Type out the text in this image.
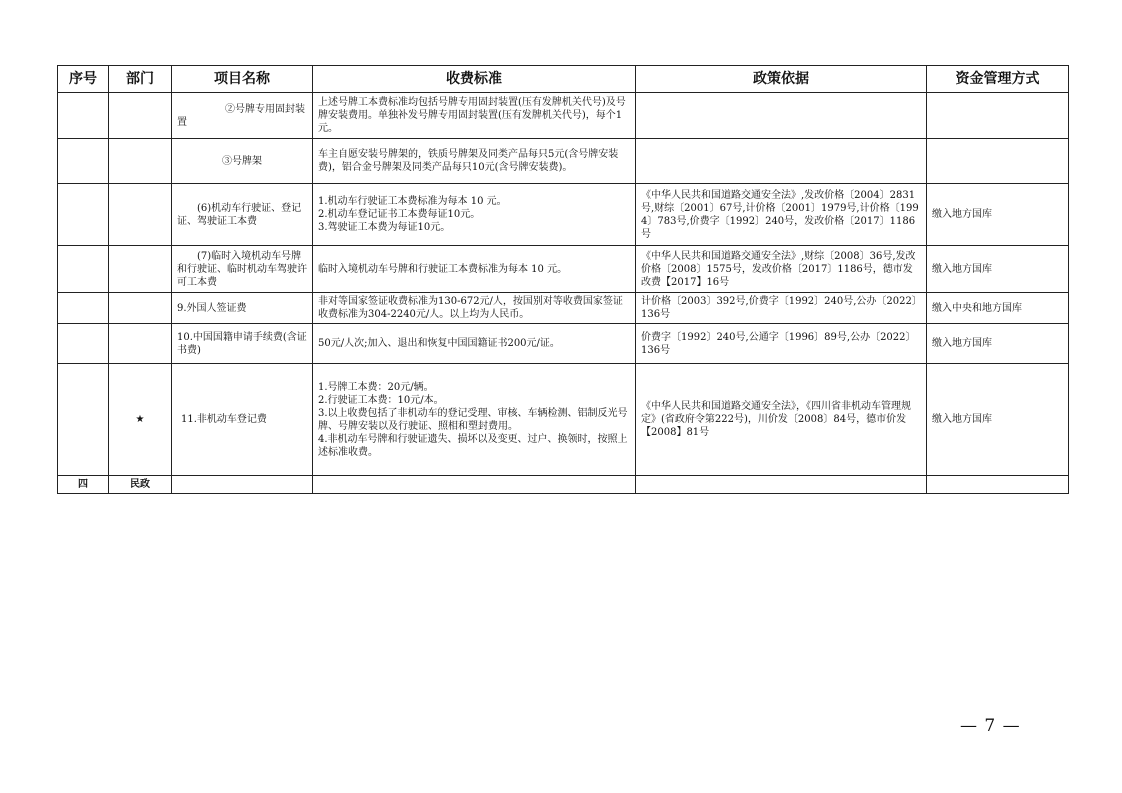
序号	部门	项目名称	收费标准	政策依据	资金管理方式
		②号牌专用固封装置	上述号牌工本费标准均包括号牌专用固封装置(压有发牌机关代号)及号牌安装费用。单独补发号牌专用固封装置(压有发牌机关代号)，每个1元。		
		③号牌架	车主自愿安装号牌架的，铁质号牌架及同类产品每只5元(含号牌安装费)，铝合金号牌架及同类产品每只10元(含号牌安装费)。		
		(6)机动车行驶证、登记证、驾驶证工本费	1.机动车行驶证工本费标准为每本 10 元。
2.机动车登记证书工本费每证10元。
3.驾驶证工本费为每证10元。	《中华人民共和国道路交通安全法》,发改价格〔2004〕2831号,财综〔2001〕67号,计价格〔2001〕1979号,计价格〔1994〕783号,价费字〔1992〕240号，发改价格〔2017〕1186号	缴入地方国库
		(7)临时入境机动车号牌和行驶证、临时机动车驾驶许可工本费	临时入境机动车号牌和行驶证工本费标准为每本 10 元。	《中华人民共和国道路交通安全法》,财综〔2008〕36号,发改价格〔2008〕1575号，发改价格〔2017〕1186号，德市发改费【2017】16号	缴入地方国库
		9.外国人签证费	非对等国家签证收费标准为130-672元/人，按国别对等收费国家签证收费标准为304-2240元/人。以上均为人民币。	计价格〔2003〕392号,价费字〔1992〕240号,公办〔2022〕136号	缴入中央和地方国库
		10.中国国籍申请手续费(含证书费)	50元/人次;加入、退出和恢复中国国籍证书200元/证。	价费字〔1992〕240号,公通字〔1996〕89号,公办〔2022〕136号	缴入地方国库
	★	11.非机动车登记费	1.号牌工本费：20元/辆。
2.行驶证工本费：10元/本。
3.以上收费包括了非机动车的登记受理、审核、车辆检测、铝制反光号牌、号牌安装以及行驶证、照相和塑封费用。
4.非机动车号牌和行驶证遗失、损坏以及变更、过户、换领时，按照上述标准收费。	《中华人民共和国道路交通安全法》，《四川省非机动车管理规定》(省政府令第222号)，川价发〔2008〕84号，德市价发【2008】81号	缴入地方国库
四	民政				
— 7 —
